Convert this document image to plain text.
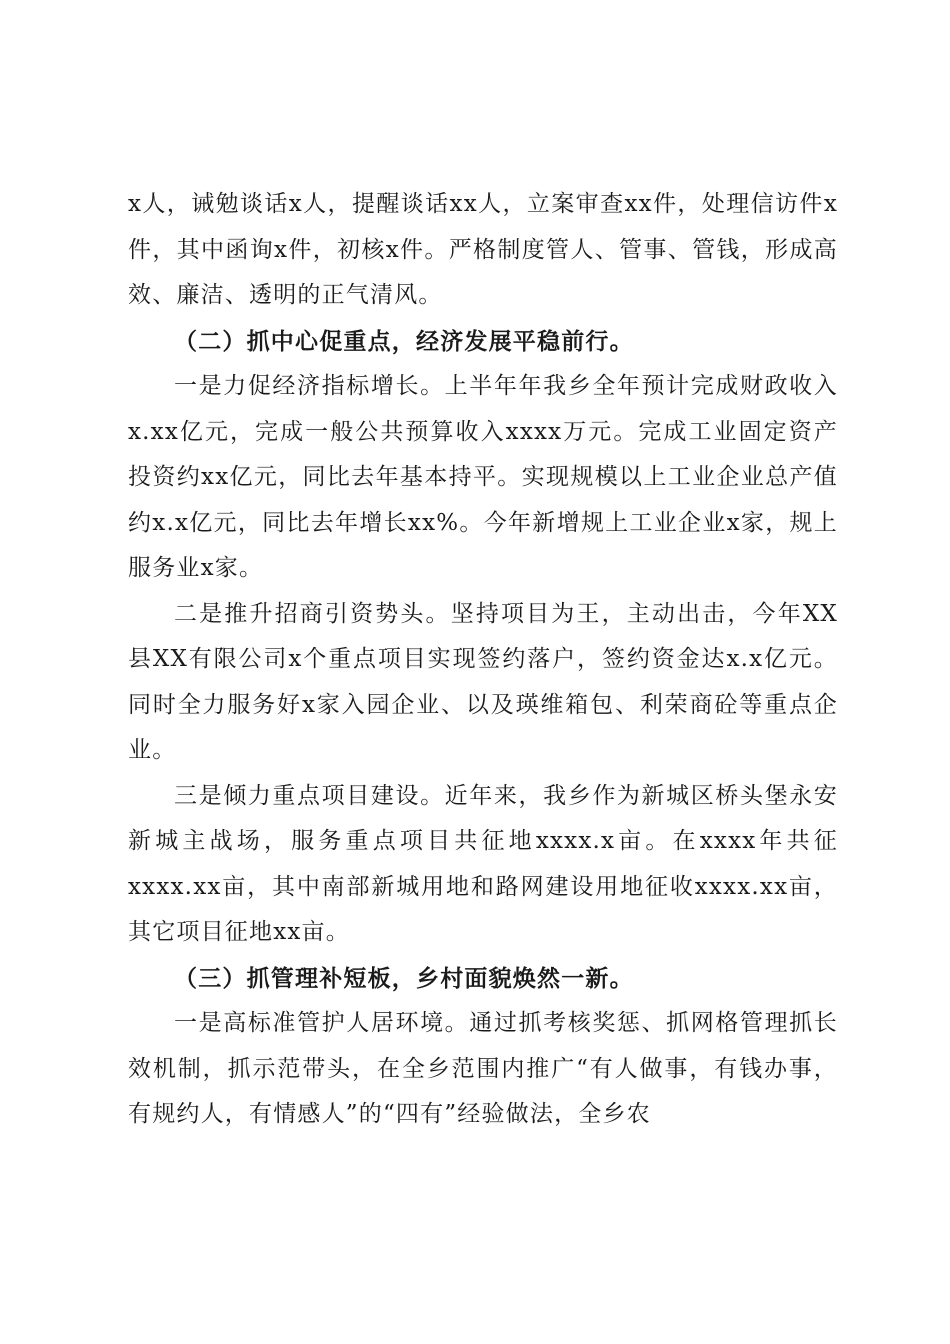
x人，诫勉谈话x人，提醒谈话xx人，立案审查xx件，处理信访件x件，其中函询x件，初核x件。严格制度管人、管事、管钱，形成高效、廉洁、透明的正气清风。

（二）抓中心促重点，经济发展平稳前行。

一是力促经济指标增长。上半年年我乡全年预计完成财政收入x.xx亿元，完成一般公共预算收入xxxx万元。完成工业固定资产投资约xx亿元，同比去年基本持平。实现规模以上工业企业总产值约x.x亿元，同比去年增长xx%。今年新增规上工业企业x家，规上服务业x家。

二是推升招商引资势头。坚持项目为王，主动出击，今年XX县XX有限公司x个重点项目实现签约落户，签约资金达x.x亿元。同时全力服务好x家入园企业、以及瑛维箱包、利荣商砼等重点企业。

三是倾力重点项目建设。近年来，我乡作为新城区桥头堡永安新城主战场，服务重点项目共征地xxxx.x亩。在xxxx年共征xxxx.xx亩，其中南部新城用地和路网建设用地征收xxxx.xx亩，其它项目征地xx亩。

（三）抓管理补短板，乡村面貌焕然一新。

一是高标准管护人居环境。通过抓考核奖惩、抓网格管理抓长效机制，抓示范带头，在全乡范围内推广“有人做事，有钱办事，有规约人，有情感人”的“四有”经验做法，全乡农
